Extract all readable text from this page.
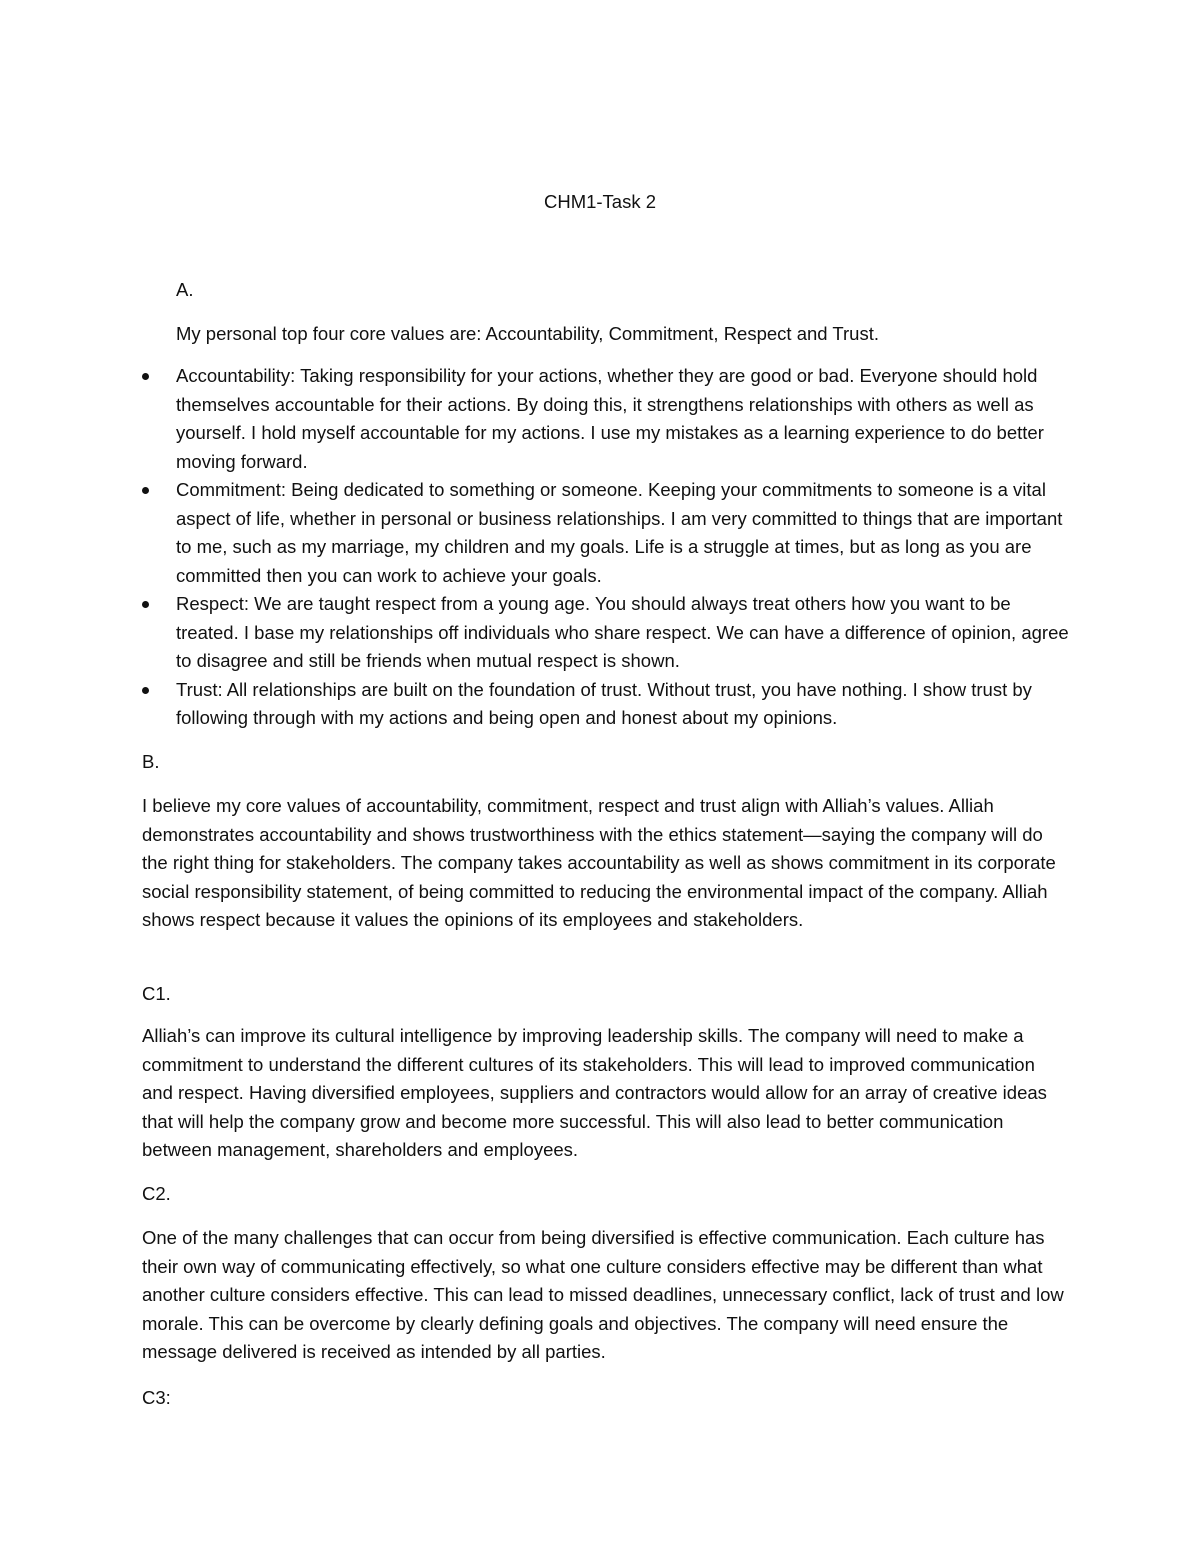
CHM1-Task 2
A.
My personal top four core values are: Accountability, Commitment, Respect and Trust.
Accountability: Taking responsibility for your actions, whether they are good or bad. Everyone should hold themselves accountable for their actions. By doing this, it strengthens relationships with others as well as yourself. I hold myself accountable for my actions. I use my mistakes as a learning experience to do better moving forward.
Commitment: Being dedicated to something or someone. Keeping your commitments to someone is a vital aspect of life, whether in personal or business relationships. I am very committed to things that are important to me, such as my marriage, my children and my goals. Life is a struggle at times, but as long as you are committed then you can work to achieve your goals.
Respect: We are taught respect from a young age. You should always treat others how you want to be treated. I base my relationships off individuals who share respect. We can have a difference of opinion, agree to disagree and still be friends when mutual respect is shown.
Trust: All relationships are built on the foundation of trust. Without trust, you have nothing. I show trust by following through with my actions and being open and honest about my opinions.
B.

I believe my core values of accountability, commitment, respect and trust align with Alliah’s values. Alliah demonstrates accountability and shows trustworthiness with the ethics statement—saying the company will do the right thing for stakeholders. The company takes accountability as well as shows commitment in its corporate social responsibility statement, of being committed to reducing the environmental impact of the company. Alliah shows respect because it values the opinions of its employees and stakeholders.

C1.

Alliah’s can improve its cultural intelligence by improving leadership skills. The company will need to make a commitment to understand the different cultures of its stakeholders. This will lead to improved communication and respect. Having diversified employees, suppliers and contractors would allow for an array of creative ideas that will help the company grow and become more successful. This will also lead to better communication between management, shareholders and employees.

C2.

One of the many challenges that can occur from being diversified is effective communication. Each culture has their own way of communicating effectively, so what one culture considers effective may be different than what another culture considers effective. This can lead to missed deadlines, unnecessary conflict, lack of trust and low morale. This can be overcome by clearly defining goals and objectives. The company will need ensure the message delivered is received as intended by all parties.

C3:
